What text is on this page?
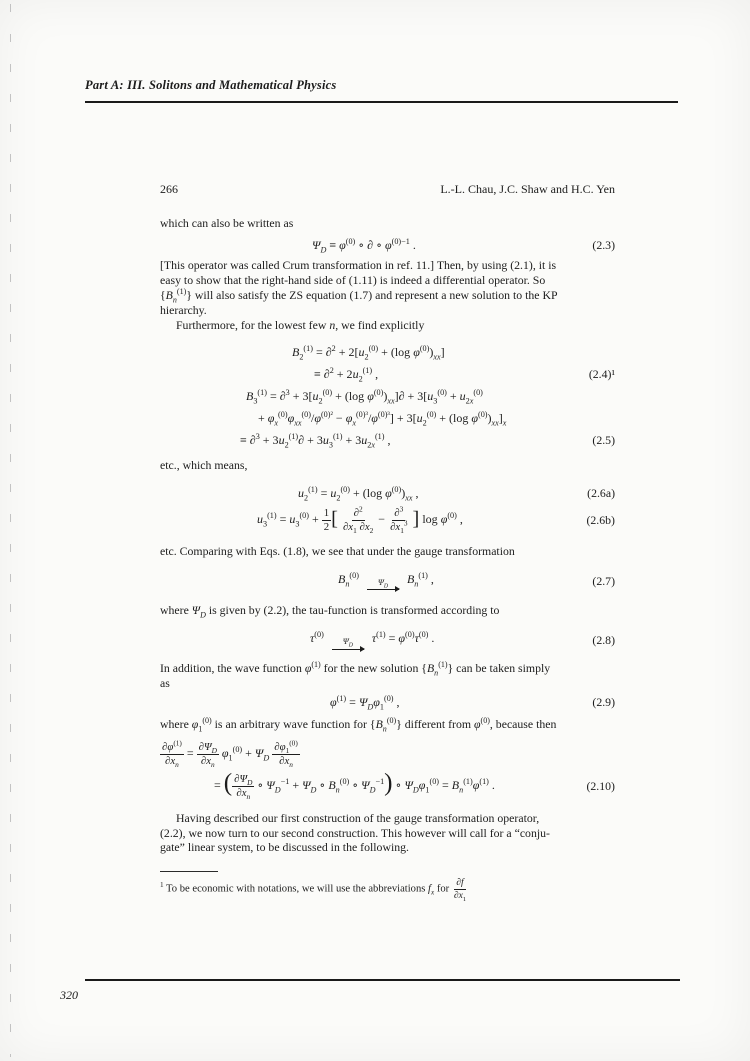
Part A: III. Solitons and Mathematical Physics
266	L.-L. Chau, J.C. Shaw and H.C. Yen

which can also be written as

$\Psi_D \equiv \varphi^{(0)}$ ∘ ∂ ∘ $\varphi^{(0)-1}$ .	(2.3)

[This operator was called Crum transformation in ref. 11.] Then, by using (2.1), it is
easy to show that the right-hand side of (1.11) is indeed a differential operator. So
$\{B_n^{(1)}\}$ will also satisfy the ZS equation (1.7) and represent a new solution to the KP
hierarchy.

Furthermore, for the lowest few n, we find explicitly

$B_2^{(1)} = \partial^2 + 2[u_2^{(0)} + (\log$ $\varphi^{(0)})_{xx}$]
≡ $\partial^2 + 2u_2^{(1)}$ ,	(2.4)¹
$B_3^{(1)} = \partial^3 + 3[u_2^{(0)} + (\log$ $\varphi^{(0)})_{xx}]\partial + 3[u_3^{(0)} + u_{2x}^{(0)}$
+ $\varphi_x^{(0)}\varphi_{xx}^{(0)}/\varphi^{(0)^2} - \varphi_x^{(0)^3}/\varphi^{(0)^3}] + 3[u_2^{(0)} + (\log$ $\varphi^{(0)})_{xx}]_x$
≡ $\partial^3 + 3u_2^{(1)}\partial + 3u_3^{(1)} + 3u_{2x}^{(1)}$ ,	(2.5)

etc., which means,

$u_2^{(1)} = u_2^{(0)} + (\log$ $\varphi^{(0)})_{xx}$ ,	(2.6a)
$u_3^{(1)} = u_3^{(0)} + \frac{1}{2}$ [ $\frac{\partial^2}{\partial x_1 \partial x_2} - \frac{\partial^3}{\partial x_1^3}$ ] $\log \varphi^{(0)}$ ,	(2.6b)

etc. Comparing with Eqs. (1.8), we see that under the gauge transformation

$B_n^{(0)}$
$\Psi_D$
$B_n^{(1)}$ ,	(2.7)

where $\Psi_D$ is given by (2.2), the tau-function is transformed according to

$\tau^{(0)}$
$\Psi_D$
$\tau^{(1)} = \varphi^{(0)}\tau^{(0)}$ .	(2.8)

In addition, the wave function $\varphi^{(1)}$ for the new solution $\{B_n^{(1)}\}$ can be taken simply
as

$\varphi^{(1)} = \Psi_D\varphi_1^{(0)}$ ,	(2.9)

where $\varphi_1^{(0)}$ is an arbitrary wave function for $\{B_n^{(0)}\}$ different from $\varphi^{(0)}$, because then

$\frac{\partial\varphi^{(1)}}{\partial x_n} = \frac{\partial\Psi_D}{\partial x_n} \varphi_1^{(0)} + \Psi_D \frac{\partial\varphi_1^{(0)}}{\partial x_n}$
= ( $\frac{\partial\Psi_D}{\partial x_n}$ ∘ $\Psi_D^{-1} + \Psi_D$ ∘ $B_n^{(0)}$ ∘ $\Psi_D^{-1}$) ∘ $\Psi_D\varphi_1^{(0)} = B_n^{(1)}\varphi^{(1)}$ .	(2.10)

Having described our first construction of the gauge transformation operator,
(2.2), we now turn to our second construction. This however will call for a “conju-
gate” linear system, to be discussed in the following.

$^1$ To be economic with notations, we will use the abbreviations $f_x$ for $\frac{\partial f}{\partial x_1}$

320
